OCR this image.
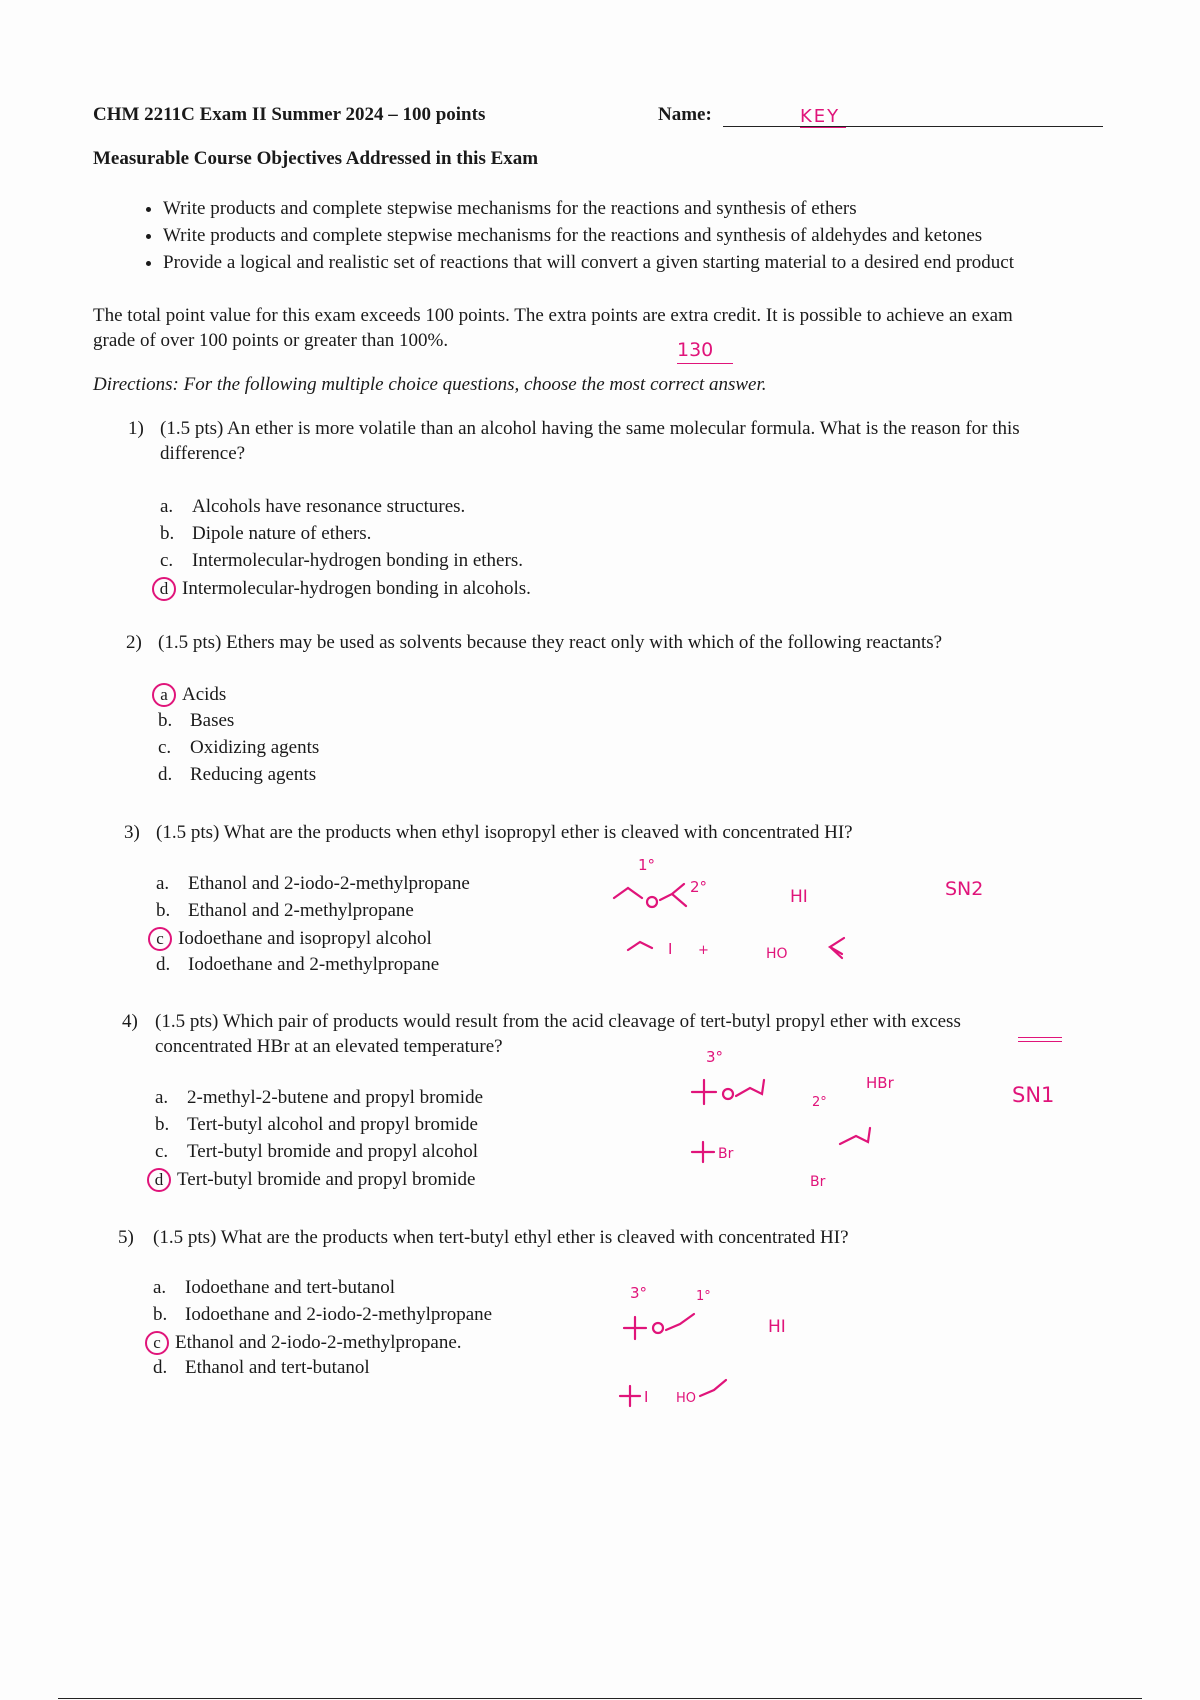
CHM 2211C Exam II Summer 2024 – 100 points	Name:	KEY
Measurable Course Objectives Addressed in this Exam
• Write products and complete stepwise mechanisms for the reactions and synthesis of ethers
• Write products and complete stepwise mechanisms for the reactions and synthesis of aldehydes and ketones
• Provide a logical and realistic set of reactions that will convert a given starting material to a desired end product
The total point value for this exam exceeds 100 points. The extra points are extra credit. It is possible to achieve an exam
grade of over 100 points or greater than 100%.	130
Directions: For the following multiple choice questions, choose the most correct answer.
1) (1.5 pts) An ether is more volatile than an alcohol having the same molecular formula. What is the reason for this
difference?
a. Alcohols have resonance structures.
b. Dipole nature of ethers.
c. Intermolecular-hydrogen bonding in ethers.
d Intermolecular-hydrogen bonding in alcohols.
2) (1.5 pts) Ethers may be used as solvents because they react only with which of the following reactants?
a Acids
b. Bases
c. Oxidizing agents
d. Reducing agents
3) (1.5 pts) What are the products when ethyl isopropyl ether is cleaved with concentrated HI?
a. Ethanol and 2-iodo-2-methylpropane
b. Ethanol and 2-methylpropane
c Iodoethane and isopropyl alcohol
d. Iodoethane and 2-methylpropane
1°
2°	HI	SN2
I +	HO
4) (1.5 pts) Which pair of products would result from the acid cleavage of tert-butyl propyl ether with excess
concentrated HBr at an elevated temperature?
a. 2-methyl-2-butene and propyl bromide
b. Tert-butyl alcohol and propyl bromide
c. Tert-butyl bromide and propyl alcohol
d Tert-butyl bromide and propyl bromide
3°
2°
HBr	SN1
Br
Br
5) (1.5 pts) What are the products when tert-butyl ethyl ether is cleaved with concentrated HI?
a. Iodoethane and tert-butanol
b. Iodoethane and 2-iodo-2-methylpropane
c Ethanol and 2-iodo-2-methylpropane.
d. Ethanol and tert-butanol
3°	1°
HI
I HO
